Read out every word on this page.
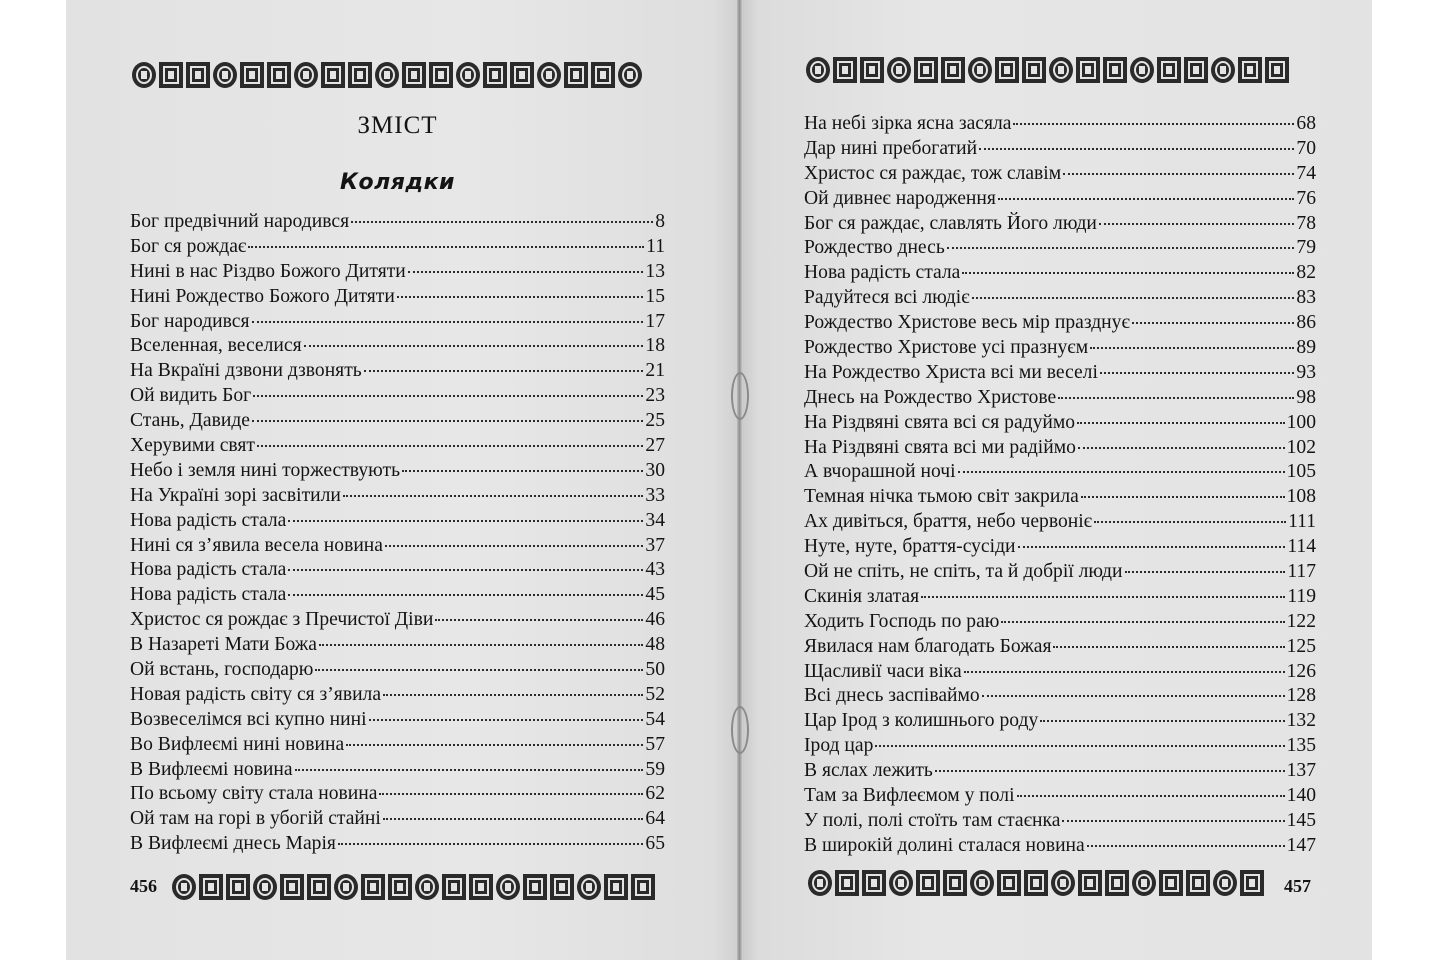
ЗМІСТ
Колядки
Бог предвічний народився	8
Бог ся рождає	11
Нині в нас Різдво Божого Дитяти	13
Нині Рождество Божого Дитяти	15
Бог народився	17
Вселенная, веселися	18
На Вкраїні дзвони дзвонять	21
Ой видить Бог	23
Стань, Давиде	25
Херувими свят	27
Небо і земля нині торжествують	30
На Україні зорі засвітили	33
Нова радість стала	34
Нині ся з’явила весела новина	37
Нова радість стала	43
Нова радість стала	45
Христос ся рождає з Пречистої Діви	46
В Назареті Мати Божа	48
Ой встань, господарю	50
Новая радість світу ся з’явила	52
Возвеселімся всі купно нині	54
Во Вифлеємі нині новина	57
В Вифлеємі новина	59
По всьому світу стала новина	62
Ой там на горі в убогій стайні	64
В Вифлеємі днесь Марія	65
На небі зірка ясна засяла	68
Дар нині пребогатий	70
Христос ся раждає, тож славім	74
Ой дивнеє народження	76
Бог ся раждає, славлять Його люди	78
Рождество днесь	79
Нова радість стала	82
Радуйтеся всі людіє	83
Рождество Христове весь мір празднує	86
Рождество Христове усі празнуєм	89
На Рождество Христа всі ми веселі	93
Днесь на Рождество Христове	98
На Різдвяні свята всі ся радуймо	100
На Різдвяні свята всі ми радіймо	102
А вчорашной ночі	105
Темная нічка тьмою світ закрила	108
Ах дивіться, браття, небо червоніє	111
Нуте, нуте, браття-сусіди	114
Ой не спіть, не спіть, та й добрії люди	117
Скинія златая	119
Ходить Господь по раю	122
Явилася нам благодать Божая	125
Щасливії часи віка	126
Всі днесь заспіваймо	128
Цар Ірод з колишнього роду	132
Ірод цар	135
В яслах лежить	137
Там за Вифлеємом у полі	140
У полі, полі стоїть там стаєнка	145
В широкій долині сталася новина	147
456	457
